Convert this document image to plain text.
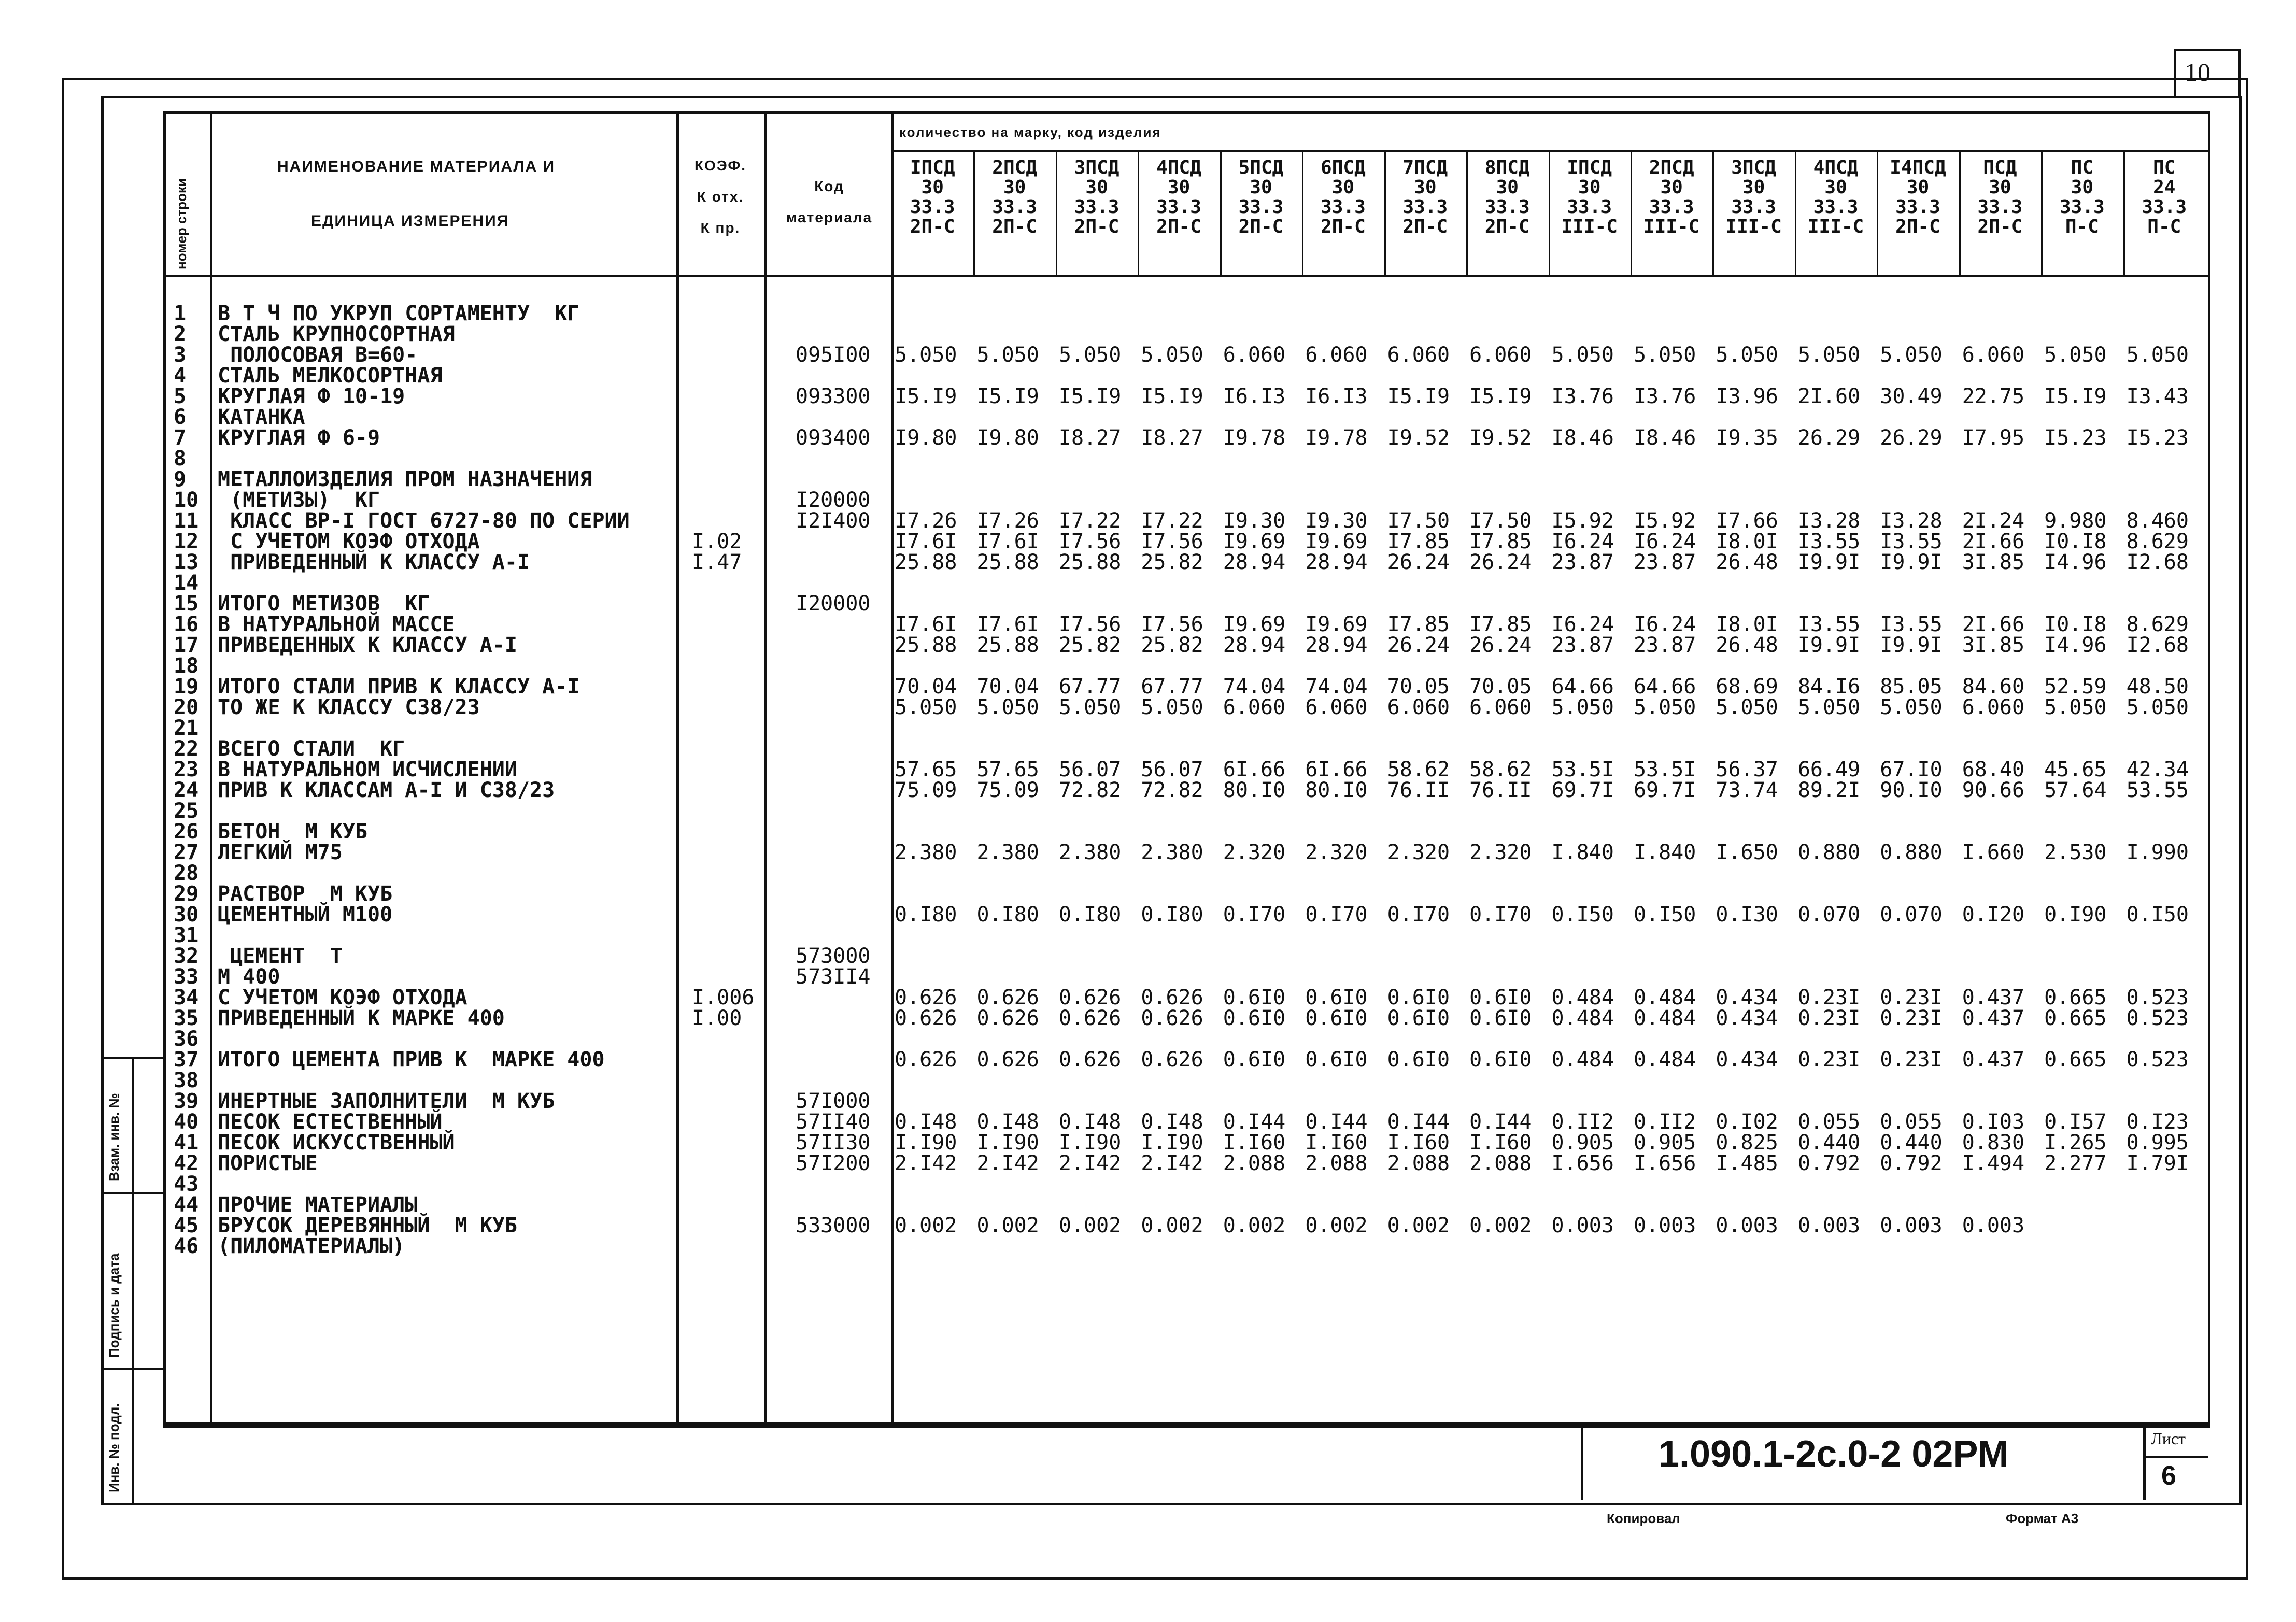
10
номер строки
НАИМЕНОВАНИЕ МАТЕРИАЛА И
ЕДИНИЦА ИЗМЕРЕНИЯ
КОЭФ.
К отх.
К пр.
Код
материала
количество на марку, код изделия
IПСД
30
33.3
2П-С
2ПСД
30
33.3
2П-С
3ПСД
30
33.3
2П-С
4ПСД
30
33.3
2П-С
5ПСД
30
33.3
2П-С
6ПСД
30
33.3
2П-С
7ПСД
30
33.3
2П-С
8ПСД
30
33.3
2П-С
IПСД
30
33.3
III-С
2ПСД
30
33.3
III-С
3ПСД
30
33.3
III-С
4ПСД
30
33.3
III-С
I4ПСД
30
33.3
2П-С
ПСД
30
33.3
2П-С
ПС
30
33.3
П-С
ПС
24
33.3
П-С
1 В Т Ч ПО УКРУП СОРТАМЕНТУ  КГ
2 СТАЛЬ КРУПНОСОРТНАЯ
3 ПОЛОСОВАЯ В=60-
4 СТАЛЬ МЕЛКОСОРТНАЯ
5 КРУГЛАЯ Ф 10-19
6 КАТАНКА
7 КРУГЛАЯ Ф 6-9
8
9 МЕТАЛЛОИЗДЕЛИЯ ПРОМ НАЗНАЧЕНИЯ
10 (МЕТИЗЫ)  КГ
11 КЛАСС ВР-I ГОСТ 6727-80 ПО СЕРИИ
12 С УЧЕТОМ КОЭФ ОТХОДА
13 ПРИВЕДЕННЫЙ К КЛАССУ А-I
14
15 ИТОГО МЕТИЗОВ  КГ
16 В НАТУРАЛЬНОЙ МАССЕ
17 ПРИВЕДЕННЫХ К КЛАССУ А-I
18
19 ИТОГО СТАЛИ ПРИВ К КЛАССУ А-I
20 ТО ЖЕ К КЛАССУ С38/23
21
22 ВСЕГО СТАЛИ  КГ
23 В НАТУРАЛЬНОМ ИСЧИСЛЕНИИ
24 ПРИВ К КЛАССАМ А-I И С38/23
25
26 БЕТОН  М КУБ
27 ЛЕГКИЙ М75
28
29 РАСТВОР  М КУБ
30 ЦЕМЕНТНЫЙ М100
31
32 ЦЕМЕНТ  Т
33 М 400
34 С УЧЕТОМ КОЭФ ОТХОДА
35 ПРИВЕДЕННЫЙ К МАРКЕ 400
36
37 ИТОГО ЦЕМЕНТА ПРИВ К  МАРКЕ 400
38
39 ИНЕРТНЫЕ ЗАПОЛНИТЕЛИ  М КУБ
40 ПЕСОК ЕСТЕСТВЕННЫЙ
41 ПЕСОК ИСКУССТВЕННЫЙ
42 ПОРИСТЫЕ
43
44 ПРОЧИЕ МАТЕРИАЛЫ
45 БРУСОК ДЕРЕВЯННЫЙ  М КУБ
46 (ПИЛОМАТЕРИАЛЫ)
I.02
I.47
I.006
I.00
095I00
093300
093400
I20000
I2I400
I20000
573000
573II4
57I000
57II40
57II30
57I200
533000
5.050 5.050 5.050 5.050 6.060 6.060 6.060 6.060 5.050 5.050 5.050 5.050 5.050 6.060 5.050 5.050
I5.I9 I5.I9 I5.I9 I5.I9 I6.I3 I6.I3 I5.I9 I5.I9 I3.76 I3.76 I3.96 2I.60 30.49 22.75 I5.I9 I3.43
I9.80 I9.80 I8.27 I8.27 I9.78 I9.78 I9.52 I9.52 I8.46 I8.46 I9.35 26.29 26.29 I7.95 I5.23 I5.23
I7.26 I7.26 I7.22 I7.22 I9.30 I9.30 I7.50 I7.50 I5.92 I5.92 I7.66 I3.28 I3.28 2I.24 9.980 8.460
I7.6I I7.6I I7.56 I7.56 I9.69 I9.69 I7.85 I7.85 I6.24 I6.24 I8.0I I3.55 I3.55 2I.66 I0.I8 8.629
25.88 25.88 25.88 25.82 28.94 28.94 26.24 26.24 23.87 23.87 26.48 I9.9I I9.9I 3I.85 I4.96 I2.68
I7.6I I7.6I I7.56 I7.56 I9.69 I9.69 I7.85 I7.85 I6.24 I6.24 I8.0I I3.55 I3.55 2I.66 I0.I8 8.629
25.88 25.88 25.82 25.82 28.94 28.94 26.24 26.24 23.87 23.87 26.48 I9.9I I9.9I 3I.85 I4.96 I2.68
70.04 70.04 67.77 67.77 74.04 74.04 70.05 70.05 64.66 64.66 68.69 84.I6 85.05 84.60 52.59 48.50
5.050 5.050 5.050 5.050 6.060 6.060 6.060 6.060 5.050 5.050 5.050 5.050 5.050 6.060 5.050 5.050
57.65 57.65 56.07 56.07 6I.66 6I.66 58.62 58.62 53.5I 53.5I 56.37 66.49 67.I0 68.40 45.65 42.34
75.09 75.09 72.82 72.82 80.I0 80.I0 76.II 76.II 69.7I 69.7I 73.74 89.2I 90.I0 90.66 57.64 53.55
2.380 2.380 2.380 2.380 2.320 2.320 2.320 2.320 I.840 I.840 I.650 0.880 0.880 I.660 2.530 I.990
0.I80 0.I80 0.I80 0.I80 0.I70 0.I70 0.I70 0.I70 0.I50 0.I50 0.I30 0.070 0.070 0.I20 0.I90 0.I50
0.626 0.626 0.626 0.626 0.6I0 0.6I0 0.6I0 0.6I0 0.484 0.484 0.434 0.23I 0.23I 0.437 0.665 0.523
0.626 0.626 0.626 0.626 0.6I0 0.6I0 0.6I0 0.6I0 0.484 0.484 0.434 0.23I 0.23I 0.437 0.665 0.523
0.626 0.626 0.626 0.626 0.6I0 0.6I0 0.6I0 0.6I0 0.484 0.484 0.434 0.23I 0.23I 0.437 0.665 0.523
0.I48 0.I48 0.I48 0.I48 0.I44 0.I44 0.I44 0.I44 0.II2 0.II2 0.I02 0.055 0.055 0.I03 0.I57 0.I23
I.I90 I.I90 I.I90 I.I90 I.I60 I.I60 I.I60 I.I60 0.905 0.905 0.825 0.440 0.440 0.830 I.265 0.995
2.I42 2.I42 2.I42 2.I42 2.088 2.088 2.088 2.088 I.656 I.656 I.485 0.792 0.792 I.494 2.277 I.79I
0.002 0.002 0.002 0.002 0.002 0.002 0.002 0.002 0.003 0.003 0.003 0.003 0.003 0.003
1.090.1-2с.0-2 02РМ	Лист
6
Инв. № подл.
Подпись и дата
Взам. инв. №
Копировал	Формат А3
